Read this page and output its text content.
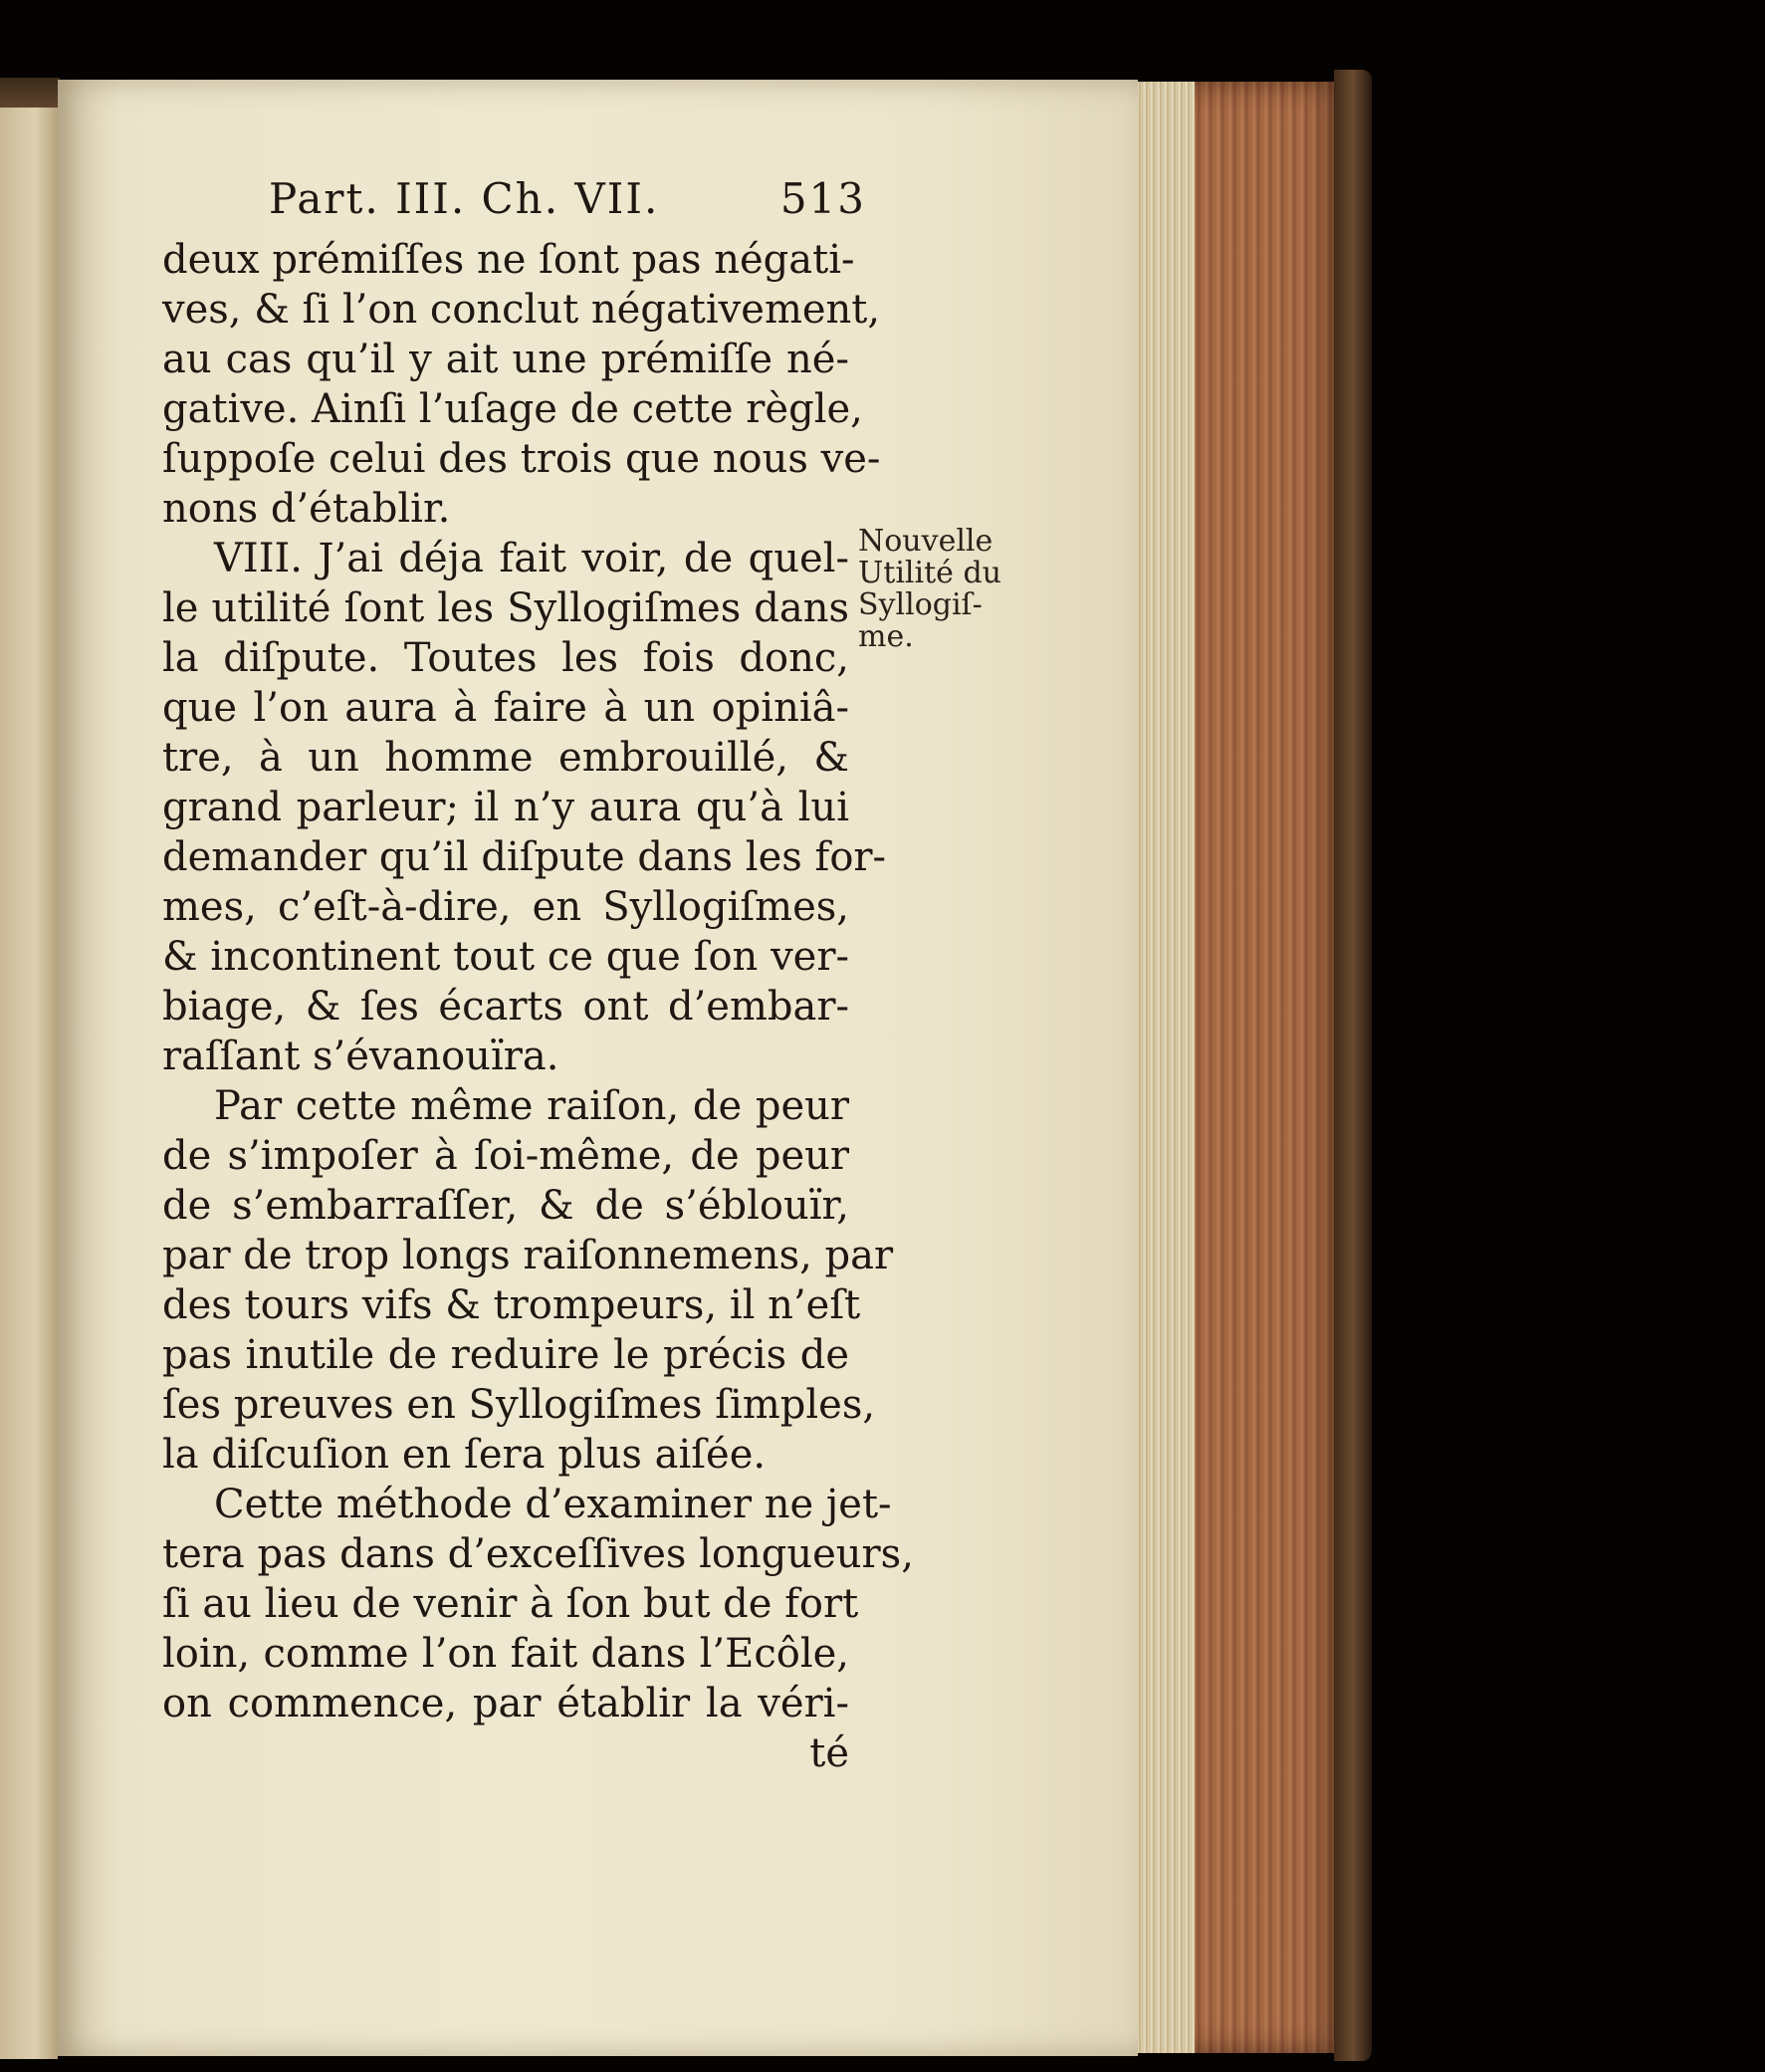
Part. III. Ch. VII.	513
deux prémiſſes ne ſont pas négati-
ves, & ſi l’on conclut négativement,
au cas qu’il y ait une prémiſſe né-
gative. Ainſi l’uſage de cette règle,
ſuppoſe celui des trois que nous ve-
nons d’établir.
VIII. J’ai déja fait voir, de quel-
le utilité ſont les Syllogiſmes dans
la diſpute. Toutes les fois donc,
que l’on aura à faire à un opiniâ-
tre, à un homme embrouillé, &
grand parleur; il n’y aura qu’à lui
demander qu’il diſpute dans les for-
mes, c’eſt-à-dire, en Syllogiſmes,
& incontinent tout ce que ſon ver-
biage, & ſes écarts ont d’embar-
raſſant s’évanouïra.
Par cette même raiſon, de peur
de s’impoſer à ſoi-même, de peur
de s’embarraſſer, & de s’éblouïr,
par de trop longs raiſonnemens, par
des tours vifs & trompeurs, il n’eſt
pas inutile de reduire le précis de
ſes preuves en Syllogiſmes ſimples,
la diſcuſion en ſera plus aiſée.
Cette méthode d’examiner ne jet-
tera pas dans d’exceſſives longueurs,
ſi au lieu de venir à ſon but de fort
loin, comme l’on fait dans l’Ecôle,
on commence, par établir la véri-
té
Nouvelle
Utilité du
Syllogiſ-
me.
